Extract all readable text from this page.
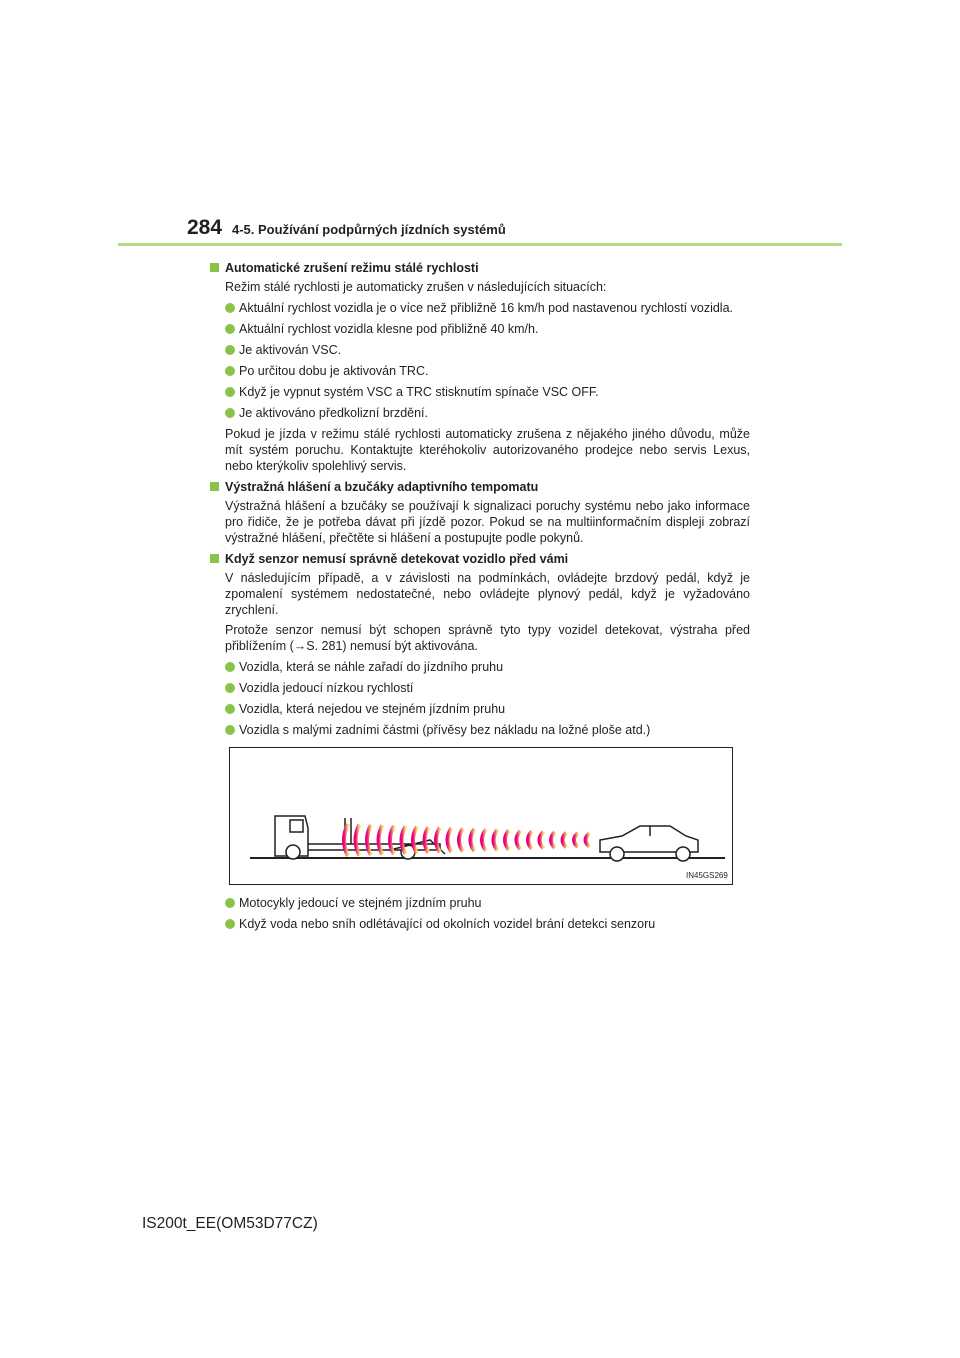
284 4-5. Používání podpůrných jízdních systémů
Automatické zrušení režimu stálé rychlosti
Režim stálé rychlosti je automaticky zrušen v následujících situacích:
Aktuální rychlost vozidla je o více než přibližně 16 km/h pod nastavenou rychlostí vozidla.
Aktuální rychlost vozidla klesne pod přibližně 40 km/h.
Je aktivován VSC.
Po určitou dobu je aktivován TRC.
Když je vypnut systém VSC a TRC stisknutím spínače VSC OFF.
Je aktivováno předkolizní brzdění.
Pokud je jízda v režimu stálé rychlosti automaticky zrušena z nějakého jiného důvodu, může mít systém poruchu. Kontaktujte kteréhokoliv autorizovaného prodejce nebo servis Lexus, nebo kterýkoliv spolehlivý servis.
Výstražná hlášení a bzučáky adaptivního tempomatu
Výstražná hlášení a bzučáky se používají k signalizaci poruchy systému nebo jako informace pro řidiče, že je potřeba dávat při jízdě pozor. Pokud se na multiinformačním displeji zobrazí výstražné hlášení, přečtěte si hlášení a postupujte podle pokynů.
Když senzor nemusí správně detekovat vozidlo před vámi
V následujícím případě, a v závislosti na podmínkách, ovládejte brzdový pedál, když je zpomalení systémem nedostatečné, nebo ovládejte plynový pedál, když je vyžadováno zrychlení.
Protože senzor nemusí být schopen správně tyto typy vozidel detekovat, výstraha před přiblížením (→S. 281) nemusí být aktivována.
Vozidla, která se náhle zařadí do jízdního pruhu
Vozidla jedoucí nízkou rychlostí
Vozidla, která nejedou ve stejném jízdním pruhu
Vozidla s malými zadními částmi (přívěsy bez nákladu na ložné ploše atd.)
IN45GS269
Motocykly jedoucí ve stejném jízdním pruhu
Když voda nebo sníh odlétávající od okolních vozidel brání detekci senzoru
IS200t_EE(OM53D77CZ)
